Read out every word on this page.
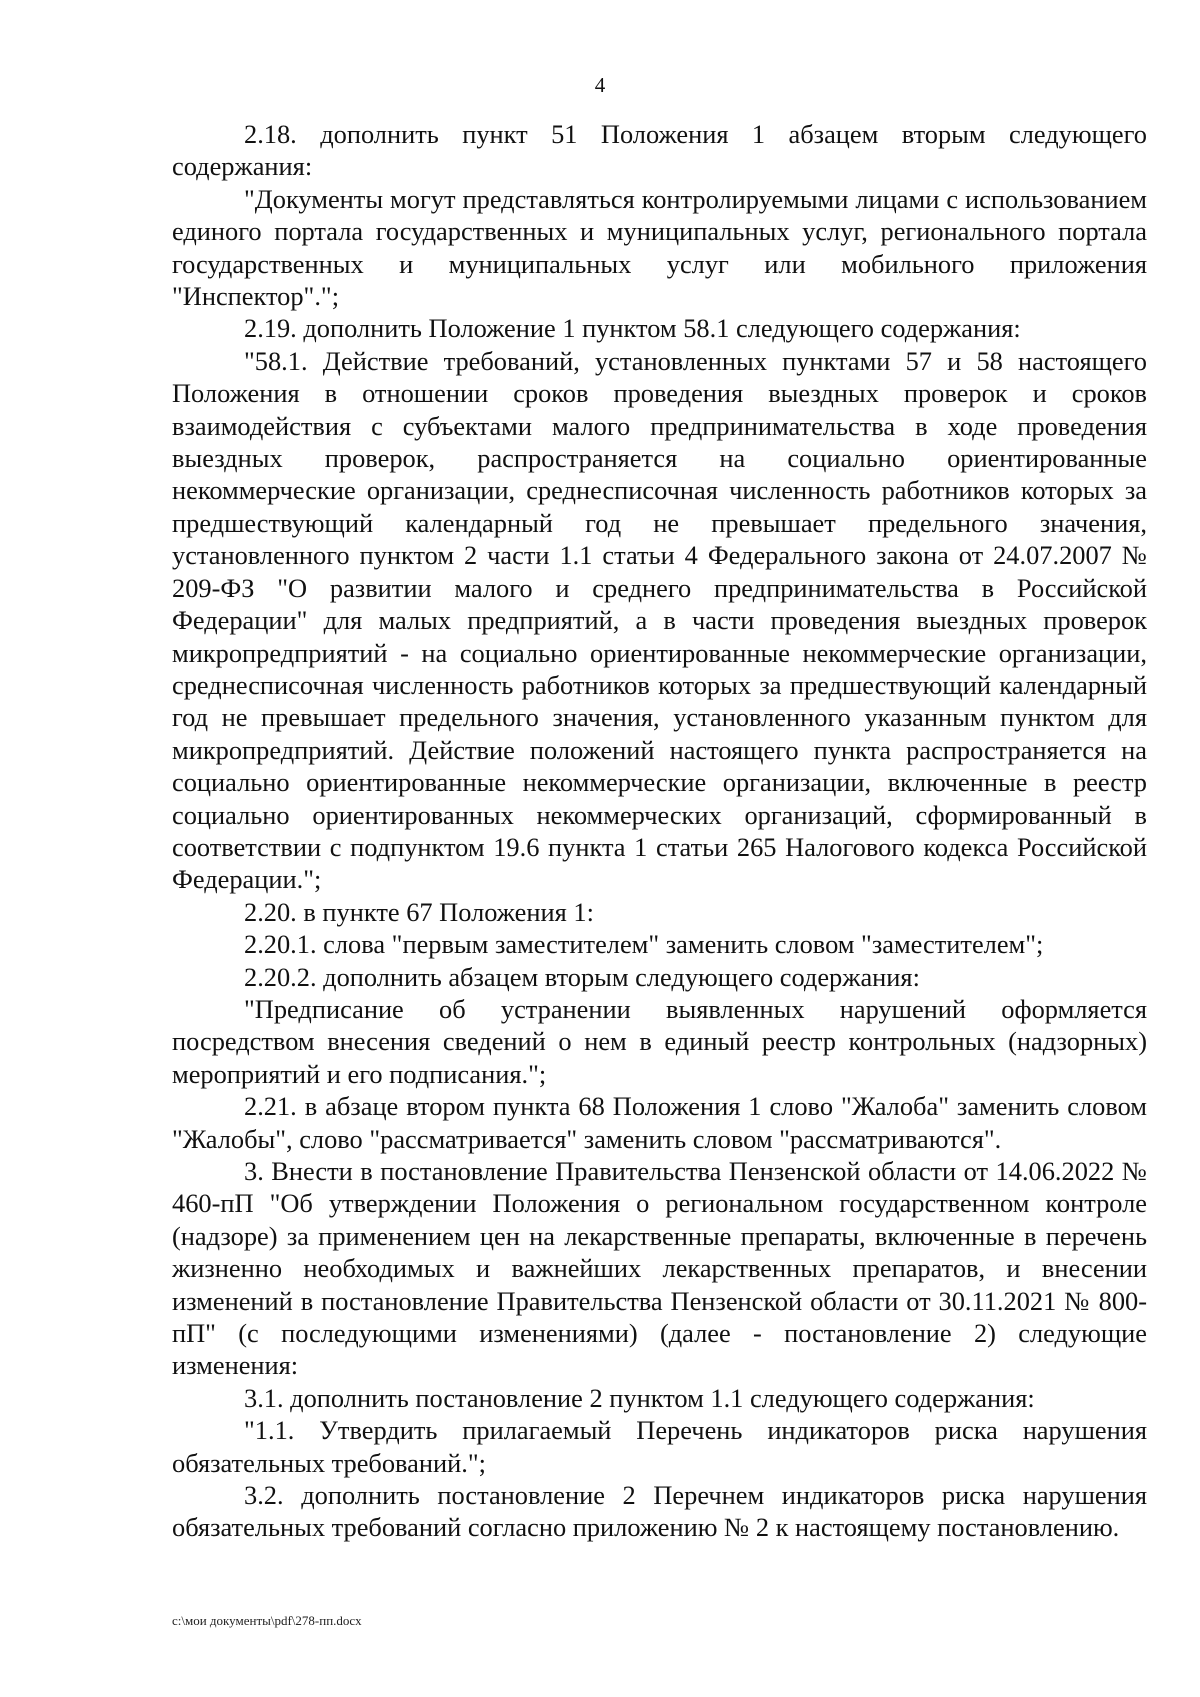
4

2.18. дополнить пункт 51 Положения 1 абзацем вторым следующего содержания:

"Документы могут представляться контролируемыми лицами с использованием единого портала государственных и муниципальных услуг, регионального портала государственных и муниципальных услуг или мобильного приложения "Инспектор".";

2.19. дополнить Положение 1 пунктом 58.1 следующего содержания:

"58.1. Действие требований, установленных пунктами 57 и 58 настоящего Положения в отношении сроков проведения выездных проверок и сроков взаимодействия с субъектами малого предпринимательства в ходе проведения выездных проверок, распространяется на социально ориентированные некоммерческие организации, среднесписочная численность работников которых за предшествующий календарный год не превышает предельного значения, установленного пунктом 2 части 1.1 статьи 4 Федерального закона от 24.07.2007 № 209-ФЗ "О развитии малого и среднего предпринимательства в Российской Федерации" для малых предприятий, а в части проведения выездных проверок микропредприятий - на социально ориентированные некоммерческие организации, среднесписочная численность работников которых за предшествующий календарный год не превышает предельного значения, установленного указанным пунктом для микропредприятий. Действие положений настоящего пункта распространяется на социально ориентированные некоммерческие организации, включенные в реестр социально ориентированных некоммерческих организаций, сформированный в соответствии с подпунктом 19.6 пункта 1 статьи 265 Налогового кодекса Российской Федерации.";

2.20. в пункте 67 Положения 1:

2.20.1. слова "первым заместителем" заменить словом "заместителем";

2.20.2. дополнить абзацем вторым следующего содержания:

"Предписание об устранении выявленных нарушений оформляется посредством внесения сведений о нем в единый реестр контрольных (надзорных) мероприятий и его подписания.";

2.21. в абзаце втором пункта 68 Положения 1 слово "Жалоба" заменить словом "Жалобы", слово "рассматривается" заменить словом "рассматриваются".

3. Внести в постановление Правительства Пензенской области от 14.06.2022 № 460-пП "Об утверждении Положения о региональном государственном контроле (надзоре) за применением цен на лекарственные препараты, включенные в перечень жизненно необходимых и важнейших лекарственных препаратов, и внесении изменений в постановление Правительства Пензенской области от 30.11.2021 № 800-пП" (с последующими изменениями) (далее - постановление 2) следующие изменения:

3.1. дополнить постановление 2 пунктом 1.1 следующего содержания:

"1.1. Утвердить прилагаемый Перечень индикаторов риска нарушения обязательных требований.";

3.2. дополнить постановление 2 Перечнем индикаторов риска нарушения обязательных требований согласно приложению № 2 к настоящему постановлению.

c:\мои документы\pdf\278-пп.docx
